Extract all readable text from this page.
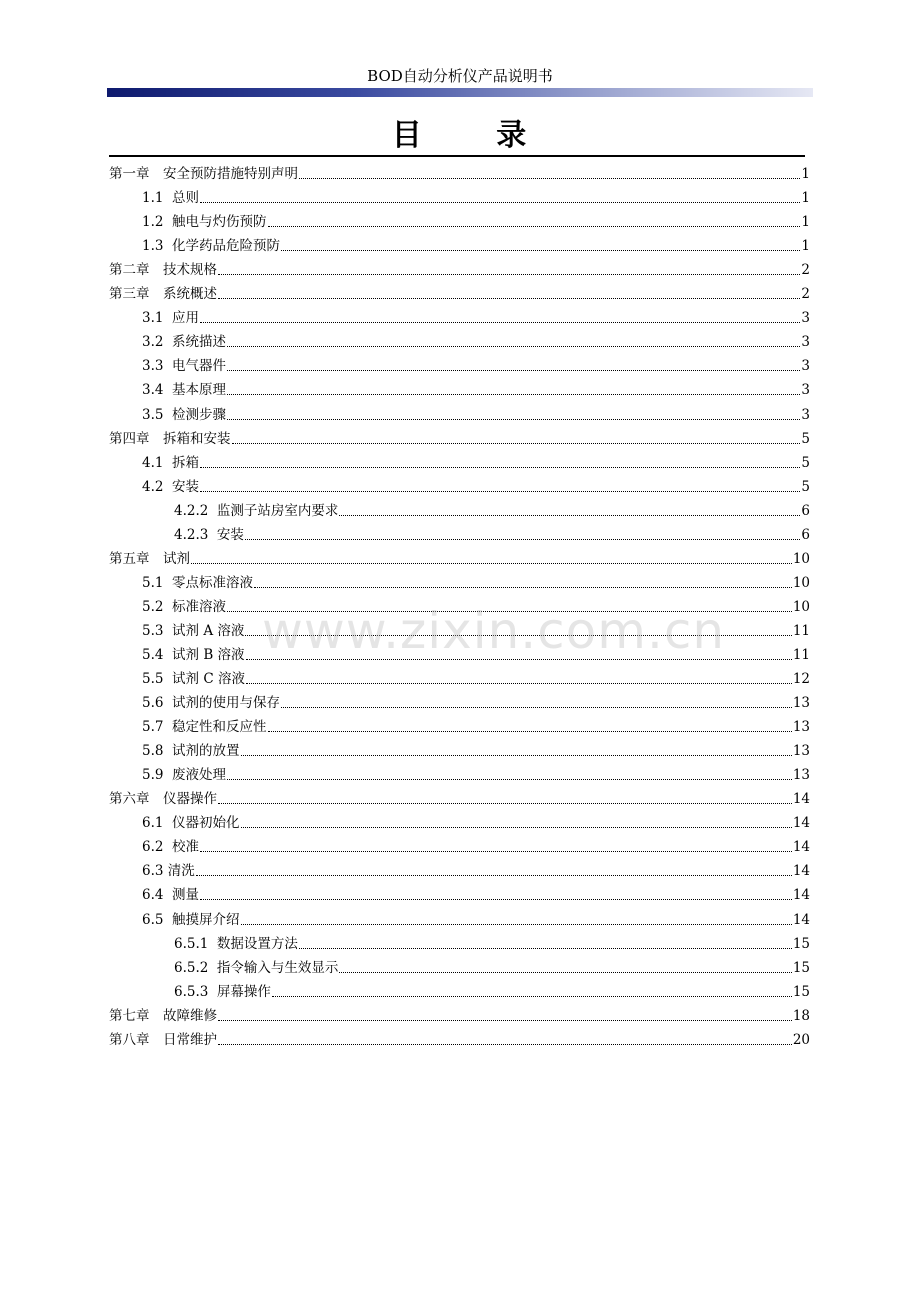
BOD自动分析仪产品说明书
目 录
第一章　安全预防措施特别声明	1
1.1  总则	1
1.2  触电与灼伤预防	1
1.3  化学药品危险预防	1
第二章　技术规格	2
第三章　系统概述	2
3.1  应用	3
3.2  系统描述	3
3.3  电气器件	3
3.4  基本原理	3
3.5  检测步骤	3
第四章　拆箱和安装	5
4.1  拆箱	5
4.2  安装	5
4.2.2  监测子站房室内要求	6
4.2.3  安装	6
第五章　试剂	10
5.1  零点标准溶液	10
5.2  标准溶液	10
5.3  试剂 A 溶液	11
5.4  试剂 B 溶液	11
5.5  试剂 C 溶液	12
5.6  试剂的使用与保存	13
5.7  稳定性和反应性	13
5.8  试剂的放置	13
5.9  废液处理	13
第六章　仪器操作	14
6.1  仪器初始化	14
6.2  校准	14
6.3 清洗	14
6.4  测量	14
6.5  触摸屏介绍	14
6.5.1  数据设置方法	15
6.5.2  指令输入与生效显示	15
6.5.3  屏幕操作	15
第七章　故障维修	18
第八章　日常维护	20
www.zixin.com.cn
